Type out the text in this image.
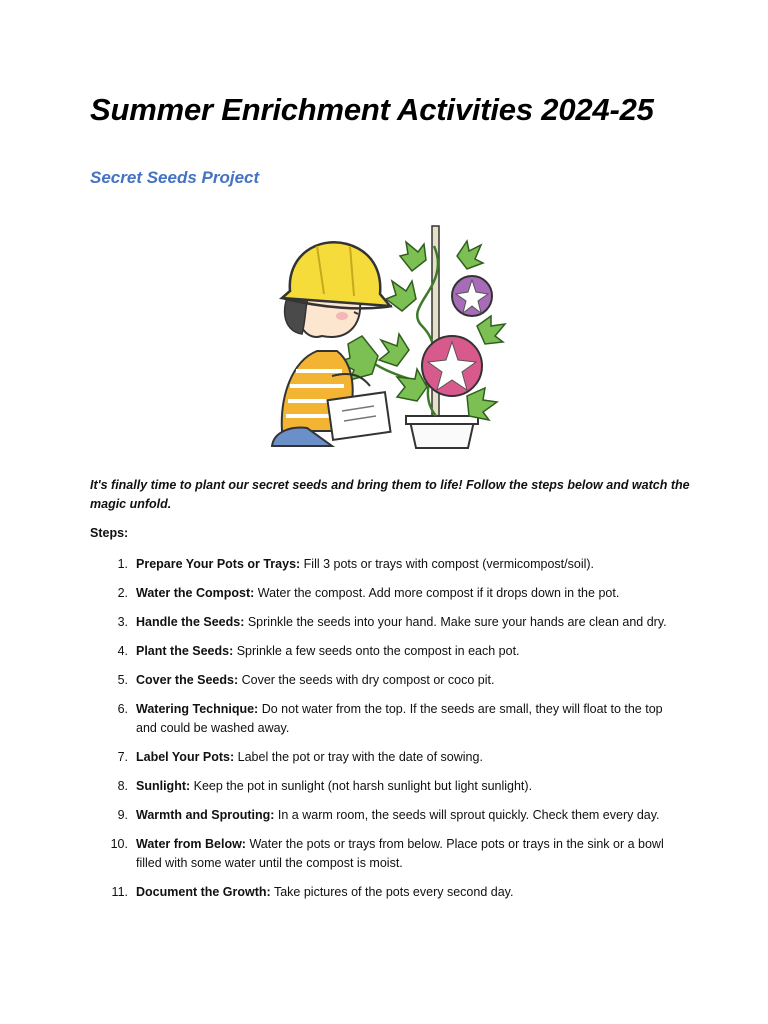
Summer Enrichment Activities 2024-25
Secret Seeds Project

It's finally time to plant our secret seeds and bring them to life! Follow the steps below and watch the magic unfold.

Steps:

1. Prepare Your Pots or Trays: Fill 3 pots or trays with compost (vermicompost/soil).
2. Water the Compost: Water the compost. Add more compost if it drops down in the pot.
3. Handle the Seeds: Sprinkle the seeds into your hand. Make sure your hands are clean and dry.
4. Plant the Seeds: Sprinkle a few seeds onto the compost in each pot.
5. Cover the Seeds: Cover the seeds with dry compost or coco pit.
6. Watering Technique: Do not water from the top. If the seeds are small, they will float to the top and could be washed away.
7. Label Your Pots: Label the pot or tray with the date of sowing.
8. Sunlight: Keep the pot in sunlight (not harsh sunlight but light sunlight).
9. Warmth and Sprouting: In a warm room, the seeds will sprout quickly. Check them every day.
10. Water from Below: Water the pots or trays from below. Place pots or trays in the sink or a bowl filled with some water until the compost is moist.
11. Document the Growth: Take pictures of the pots every second day.
